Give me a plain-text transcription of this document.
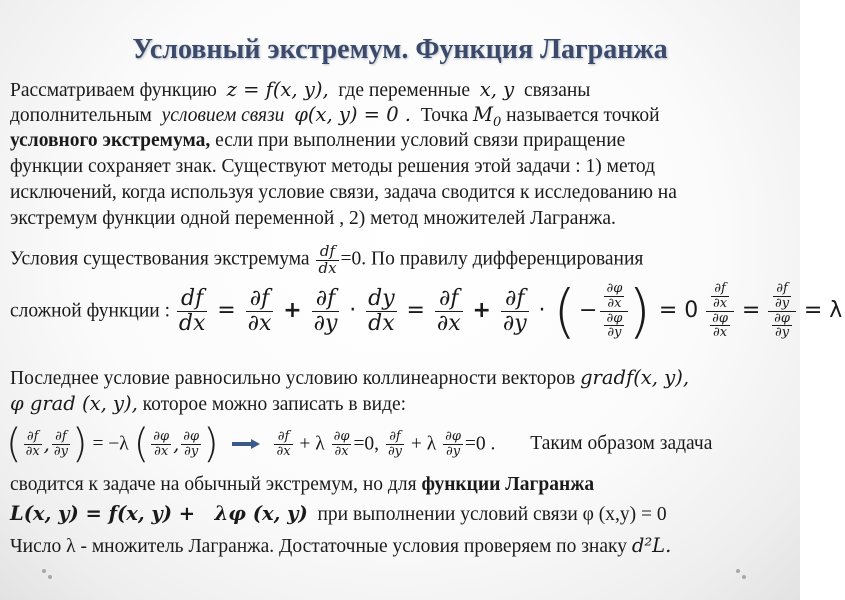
Условный экстремум. Функция Лагранжа
Рассматриваем функцию z = f(x, y), где переменные x, y связаны
дополнительным условием связи φ(x, y) = 0 . Точка $M_0$ называется точкой
условного экстремума, если при выполнении условий связи приращение
функции сохраняет знак. Существуют методы решения этой задачи : 1) метод
исключений, когда используя условие связи, задача сводится к исследованию на
экстремум функции одной переменной , 2) метод множителей Лагранжа.
Условия существования экстремума $\frac{df}{dx} =0$. По правилу дифференцирования
сложной функции : $\frac{df}{dx} = \frac{\partial f}{\partial x} + \frac{\partial f}{\partial y} \cdot \frac{dy}{dx} = \frac{\partial f}{\partial x} + \frac{\partial f}{\partial y}$ · ( − $\frac{\frac{\partial\varphi}{\partial x}}{\frac{\partial\varphi}{\partial y}}$ ) = $0 \frac{\frac{\partial f}{\partial x}}{\frac{\partial\varphi}{\partial x}} = \frac{\frac{\partial f}{\partial y}}{\frac{\partial\varphi}{\partial y}} = \lambda$
Последнее условие равносильно условию коллинеарности векторов gradf(x, y),
φ grad (x, y), которое можно записать в виде:
( $\frac{\partial f}{\partial x}$ , $\frac{\partial f}{\partial y}$ ) = −λ ( $\frac{\partial\varphi}{\partial x}$ , $\frac{\partial\varphi}{\partial y}$ )	$\frac{\partial f}{\partial x} + \lambda \frac{\partial\varphi}{\partial x} =0$, $\frac{\partial f}{\partial y} + \lambda \frac{\partial\varphi}{\partial y} =0$ . Таким образом задача
сводится к задаче на обычный экстремум, но для функции Лагранжа
L(x, y) = f(x, y) + λφ (x, y) при выполнении условий связи φ (x,y) = 0
Число λ - множитель Лагранжа. Достаточные условия проверяем по знаку d²L.
